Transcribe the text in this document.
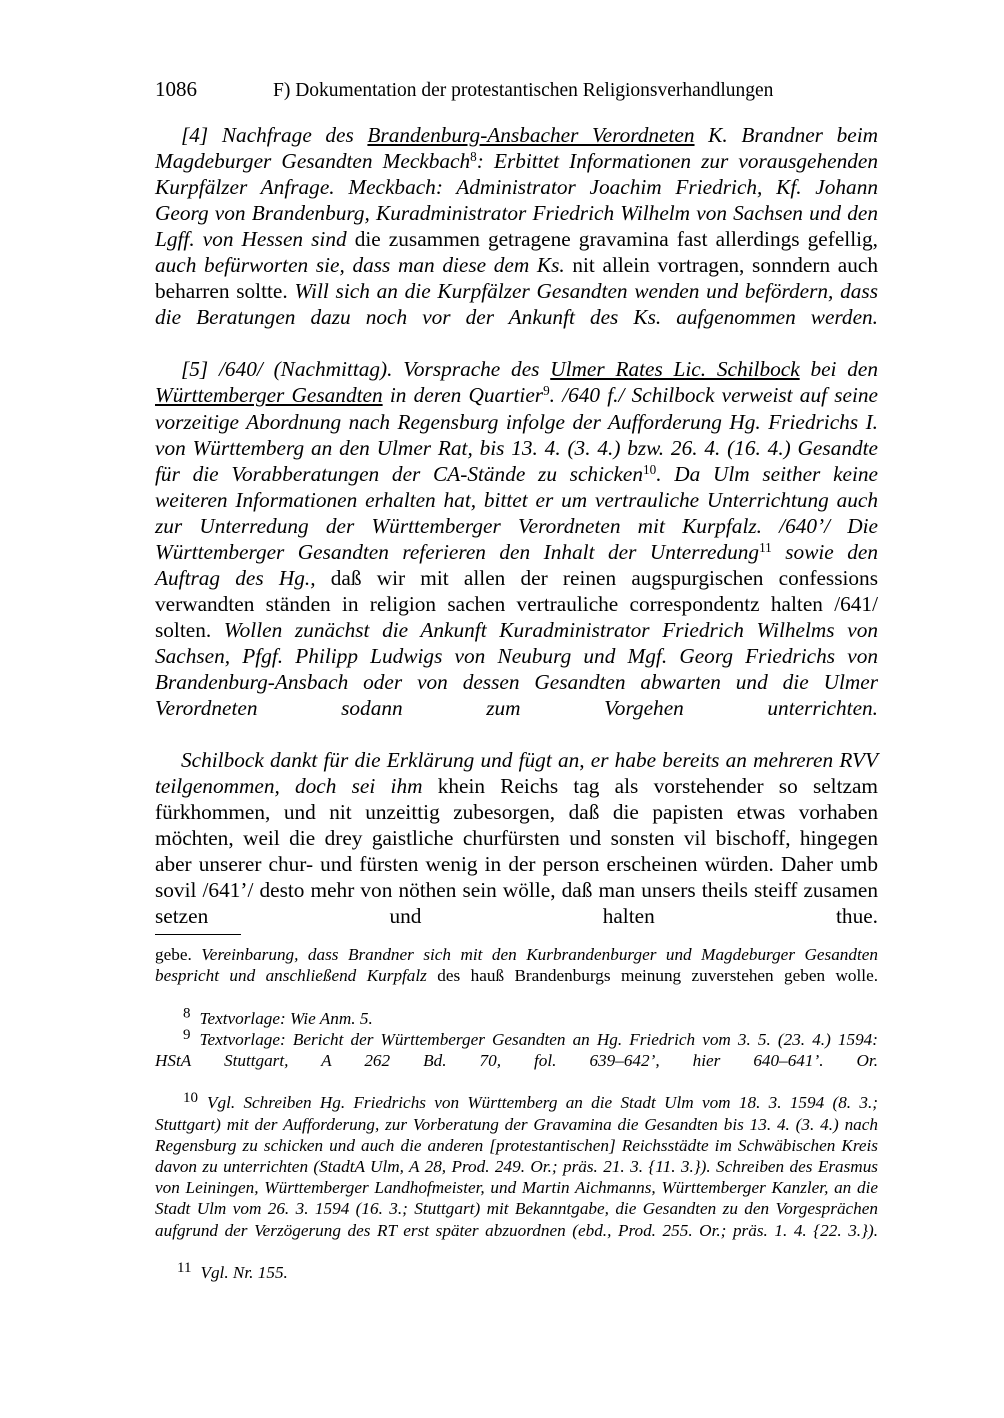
1086	F) Dokumentation der protestantischen Religionsverhandlungen

[4] Nachfrage des Brandenburg-Ansbacher Verordneten K. Brandner beim Magdeburger Gesandten Meckbach$^8$: Erbittet Informationen zur vorausgehenden Kurpfälzer Anfrage. Meckbach: Administrator Joachim Friedrich, Kf. Johann Georg von Brandenburg, Kuradministrator Friedrich Wilhelm von Sachsen und den Lgff. von Hessen sind die zusammen getragene gravamina fast allerdings gefellig, auch befürworten sie, dass man diese dem Ks. nit allein vortragen, sonndern auch beharren soltte. Will sich an die Kurpfälzer Gesandten wenden und befördern, dass die Beratungen dazu noch vor der Ankunft des Ks. aufgenommen werden.

[5] /640/ (Nachmittag). Vorsprache des Ulmer Rates Lic. Schilbock bei den Württemberger Gesandten in deren Quartier$^9$. /640 f./ Schilbock verweist auf seine vorzeitige Abordnung nach Regensburg infolge der Aufforderung Hg. Friedrichs I. von Württemberg an den Ulmer Rat, bis 13. 4. (3. 4.) bzw. 26. 4. (16. 4.) Gesandte für die Vorabberatungen der CA-Stände zu schicken$^{10}$. Da Ulm seither keine weiteren Informationen erhalten hat, bittet er um vertrauliche Unterrichtung auch zur Unterredung der Württemberger Verordneten mit Kurpfalz. /640’/ Die Württemberger Gesandten referieren den Inhalt der Unterredung$^{11}$ sowie den Auftrag des Hg., daß wir mit allen der reinen augspurgischen confessions verwandten ständen in religion sachen vertrauliche correspondentz halten /641/ solten. Wollen zunächst die Ankunft Kuradministrator Friedrich Wilhelms von Sachsen, Pfgf. Philipp Ludwigs von Neuburg und Mgf. Georg Friedrichs von Brandenburg-Ansbach oder von dessen Gesandten abwarten und die Ulmer Verordneten sodann zum Vorgehen unterrichten.

Schilbock dankt für die Erklärung und fügt an, er habe bereits an mehreren RVV teilgenommen, doch sei ihm khein Reichs tag als vorstehender so seltzam fürkhommen, und nit unzeittig zubesorgen, daß die papisten etwas vorhaben möchten, weil die drey gaistliche churfürsten und sonsten vil bischoff, hingegen aber unserer chur- und fürsten wenig in der person erscheinen würden. Daher umb sovil /641’/ desto mehr von nöthen sein wölle, daß man unsers theils steiff zusamen setzen und halten thue.

gebe. Vereinbarung, dass Brandner sich mit den Kurbrandenburger und Magdeburger Gesandten bespricht und anschließend Kurpfalz des hauß Brandenburgs meinung zuverstehen geben wolle.

8 Textvorlage: Wie Anm. 5.

9 Textvorlage: Bericht der Württemberger Gesandten an Hg. Friedrich vom 3. 5. (23. 4.) 1594: HStA Stuttgart, A 262 Bd. 70, fol. 639–642’, hier 640–641’. Or.

10 Vgl. Schreiben Hg. Friedrichs von Württemberg an die Stadt Ulm vom 18. 3. 1594 (8. 3.; Stuttgart) mit der Aufforderung, zur Vorberatung der Gravamina die Gesandten bis 13. 4. (3. 4.) nach Regensburg zu schicken und auch die anderen [protestantischen] Reichsstädte im Schwäbischen Kreis davon zu unterrichten (StadtA Ulm, A 28, Prod. 249. Or.; präs. 21. 3. {11. 3.}). Schreiben des Erasmus von Leiningen, Württemberger Landhofmeister, und Martin Aichmanns, Württemberger Kanzler, an die Stadt Ulm vom 26. 3. 1594 (16. 3.; Stuttgart) mit Bekanntgabe, die Gesandten zu den Vorgesprächen aufgrund der Verzögerung des RT erst später abzuordnen (ebd., Prod. 255. Or.; präs. 1. 4. {22. 3.}).

11 Vgl. Nr. 155.
